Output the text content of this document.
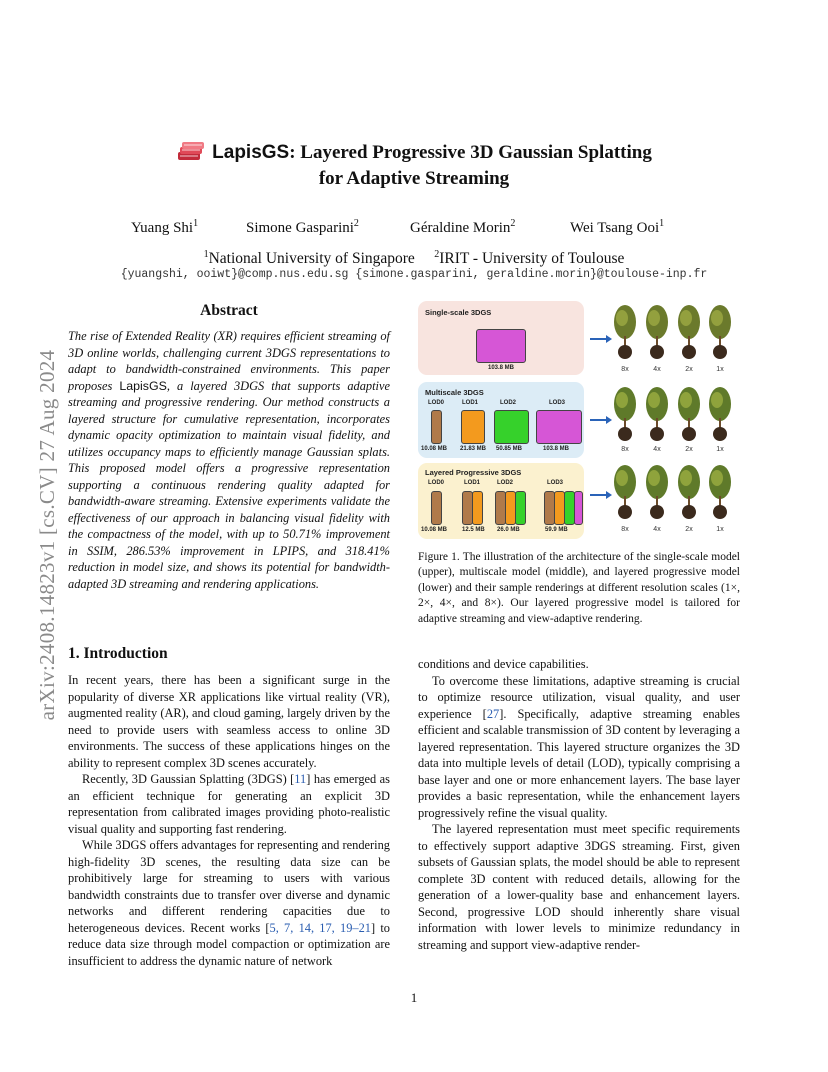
arXiv:2408.14823v1 [cs.CV] 27 Aug 2024
LapisGS: Layered Progressive 3D Gaussian Splatting
for Adaptive Streaming
Yuang Shi$^1$	Simone Gasparini$^2$	Géraldine Morin$^2$	Wei Tsang Ooi$^1$
$^1$National University of Singapore $^2$IRIT - University of Toulouse
{yuangshi, ooiwt}@comp.nus.edu.sg {simone.gasparini, geraldine.morin}@toulouse-inp.fr
Abstract
The rise of Extended Reality (XR) requires efficient streaming of 3D online worlds, challenging current 3DGS representations to adapt to bandwidth-constrained environments. This paper proposes LapisGS, a layered 3DGS that supports adaptive streaming and progressive rendering. Our method constructs a layered structure for cumulative representation, incorporates dynamic opacity optimization to maintain visual fidelity, and utilizes occupancy maps to efficiently manage Gaussian splats. This proposed model offers a progressive representation supporting a continuous rendering quality adapted for bandwidth-aware streaming. Extensive experiments validate the effectiveness of our approach in balancing visual fidelity with the compactness of the model, with up to 50.71% improvement in SSIM, 286.53% improvement in LPIPS, and 318.41% reduction in model size, and shows its potential for bandwidth-adapted 3D streaming and rendering applications.
Single-scale 3DGS
103.8 MB
Multiscale 3DGS
LOD0	LOD1	LOD2	LOD3
10.08 MB 21.83 MB 50.85 MB	103.8 MB
Layered Progressive 3DGS
LOD0	LOD1	LOD2	LOD3
10.08 MB 12.5 MB 26.0 MB	59.9 MB
8x	4x	2x	1x
8x	4x	2x	1x
8x	4x	2x	1x
Figure 1. The illustration of the architecture of the single-scale model (upper), multiscale model (middle), and layered progressive model (lower) and their sample renderings at different resolution scales (1×, 2×, 4×, and 8×). Our layered progressive model is tailored for adaptive streaming and view-adaptive rendering.
1. Introduction

In recent years, there has been a significant surge in the popularity of diverse XR applications like virtual reality (VR), augmented reality (AR), and cloud gaming, largely driven by the need to provide users with seamless access to online 3D environments. The success of these applications hinges on the ability to represent complex 3D scenes accurately.

Recently, 3D Gaussian Splatting (3DGS) [11] has emerged as an efficient technique for generating an explicit 3D representation from calibrated images providing photo-realistic visual quality and supporting fast rendering.

While 3DGS offers advantages for representing and rendering high-fidelity 3D scenes, the resulting data size can be prohibitively large for streaming to users with various bandwidth constraints due to transfer over diverse and dynamic networks and different rendering capacities due to heterogeneous devices. Recent works [5, 7, 14, 17, 19–21] to reduce data size through model compaction or optimization are insufficient to address the dynamic nature of network

conditions and device capabilities.

To overcome these limitations, adaptive streaming is crucial to optimize resource utilization, visual quality, and user experience [27]. Specifically, adaptive streaming enables efficient and scalable transmission of 3D content by leveraging a layered representation. This layered structure organizes the 3D data into multiple levels of detail (LOD), typically comprising a base layer and one or more enhancement layers. The base layer provides a basic representation, while the enhancement layers progressively refine the visual quality.

The layered representation must meet specific requirements to effectively support adaptive 3DGS streaming. First, given subsets of Gaussian splats, the model should be able to represent complete 3D content with reduced details, allowing for the generation of a lower-quality base and enhancement layers. Second, progressive LOD should inherently share visual information with lower levels to minimize redundancy in streaming and support view-adaptive render-

1
